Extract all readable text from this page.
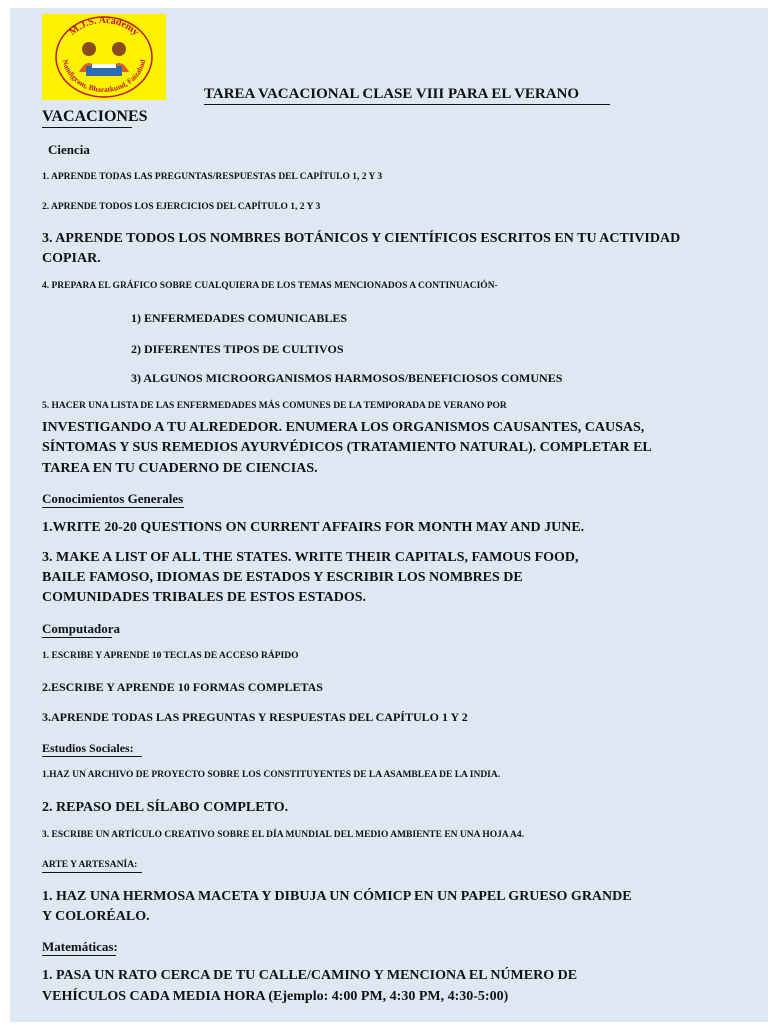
M.J.S. Academy
Nandigram, Bharatkund, Faizabad
TAREA VACACIONAL CLASE VIII PARA EL VERANO
VACACIONES
Ciencia
1. APRENDE TODAS LAS PREGUNTAS/RESPUESTAS DEL CAPÍTULO 1, 2 Y 3
2. APRENDE TODOS LOS EJERCICIOS DEL CAPÍTULO 1, 2 Y 3
3. APRENDE TODOS LOS NOMBRES BOTÁNICOS Y CIENTÍFICOS ESCRITOS EN TU ACTIVIDAD
COPIAR.
4. PREPARA EL GRÁFICO SOBRE CUALQUIERA DE LOS TEMAS MENCIONADOS A CONTINUACIÓN-
1) ENFERMEDADES COMUNICABLES
2) DIFERENTES TIPOS DE CULTIVOS
3) ALGUNOS MICROORGANISMOS HARMOSOS/BENEFICIOSOS COMUNES
5. HACER UNA LISTA DE LAS ENFERMEDADES MÁS COMUNES DE LA TEMPORADA DE VERANO POR
INVESTIGANDO A TU ALREDEDOR. ENUMERA LOS ORGANISMOS CAUSANTES, CAUSAS,
SÍNTOMAS Y SUS REMEDIOS AYURVÉDICOS (TRATAMIENTO NATURAL). COMPLETAR EL
TAREA EN TU CUADERNO DE CIENCIAS.
Conocimientos Generales
1.WRITE 20-20 QUESTIONS ON CURRENT AFFAIRS FOR MONTH MAY AND JUNE.
3. MAKE A LIST OF ALL THE STATES. WRITE THEIR CAPITALS, FAMOUS FOOD,
BAILE FAMOSO, IDIOMAS DE ESTADOS Y ESCRIBIR LOS NOMBRES DE
COMUNIDADES TRIBALES DE ESTOS ESTADOS.
Computadora
1. ESCRIBE Y APRENDE 10 TECLAS DE ACCESO RÁPIDO
2.ESCRIBE Y APRENDE 10 FORMAS COMPLETAS
3.APRENDE TODAS LAS PREGUNTAS Y RESPUESTAS DEL CAPÍTULO 1 Y 2
Estudios Sociales:
1.HAZ UN ARCHIVO DE PROYECTO SOBRE LOS CONSTITUYENTES DE LA ASAMBLEA DE LA INDIA.
2. REPASO DEL SÍLABO COMPLETO.
3. ESCRIBE UN ARTÍCULO CREATIVO SOBRE EL DÍA MUNDIAL DEL MEDIO AMBIENTE EN UNA HOJA A4.
ARTE Y ARTESANÍA:
1. HAZ UNA HERMOSA MACETA Y DIBUJA UN CÓMICP EN UN PAPEL GRUESO GRANDE
Y COLORÉALO.
Matemáticas:
1. PASA UN RATO CERCA DE TU CALLE/CAMINO Y MENCIONA EL NÚMERO DE
VEHÍCULOS CADA MEDIA HORA (Ejemplo: 4:00 PM, 4:30 PM, 4:30-5:00)
